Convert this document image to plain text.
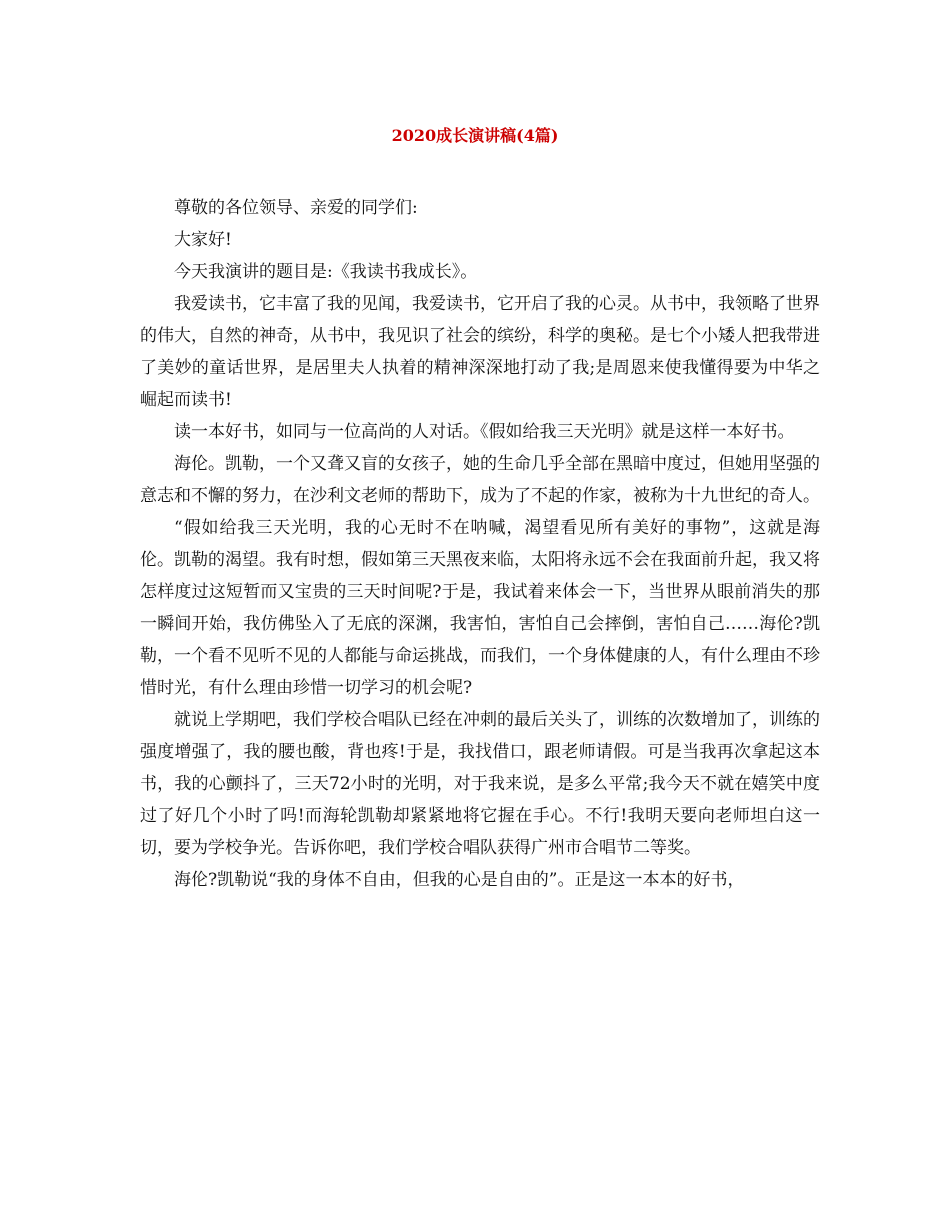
2020成长演讲稿(4篇)

尊敬的各位领导、亲爱的同学们:

大家好!

今天我演讲的题目是:《我读书我成长》。

我爱读书，它丰富了我的见闻，我爱读书，它开启了我的心灵。从书中，我领略了世界的伟大，自然的神奇，从书中，我见识了社会的缤纷，科学的奥秘。是七个小矮人把我带进了美妙的童话世界，是居里夫人执着的精神深深地打动了我;是周恩来使我懂得要为中华之崛起而读书!

读一本好书，如同与一位高尚的人对话。《假如给我三天光明》就是这样一本好书。

海伦。凯勒，一个又聋又盲的女孩子，她的生命几乎全部在黑暗中度过，但她用坚强的意志和不懈的努力，在沙利文老师的帮助下，成为了不起的作家，被称为十九世纪的奇人。

“假如给我三天光明，我的心无时不在呐喊，渴望看见所有美好的事物”，这就是海伦。凯勒的渴望。我有时想，假如第三天黑夜来临，太阳将永远不会在我面前升起，我又将怎样度过这短暂而又宝贵的三天时间呢?于是，我试着来体会一下，当世界从眼前消失的那一瞬间开始，我仿佛坠入了无底的深渊，我害怕，害怕自己会摔倒，害怕自己……海伦?凯勒，一个看不见听不见的人都能与命运挑战，而我们，一个身体健康的人，有什么理由不珍惜时光，有什么理由珍惜一切学习的机会呢?

就说上学期吧，我们学校合唱队已经在冲刺的最后关头了，训练的次数增加了，训练的强度增强了，我的腰也酸，背也疼!于是，我找借口，跟老师请假。可是当我再次拿起这本书，我的心颤抖了，三天72小时的光明，对于我来说，是多么平常;我今天不就在嬉笑中度过了好几个小时了吗!而海轮凯勒却紧紧地将它握在手心。不行!我明天要向老师坦白这一切，要为学校争光。告诉你吧，我们学校合唱队获得广州市合唱节二等奖。

海伦?凯勒说“我的身体不自由，但我的心是自由的”。正是这一本本的好书，
